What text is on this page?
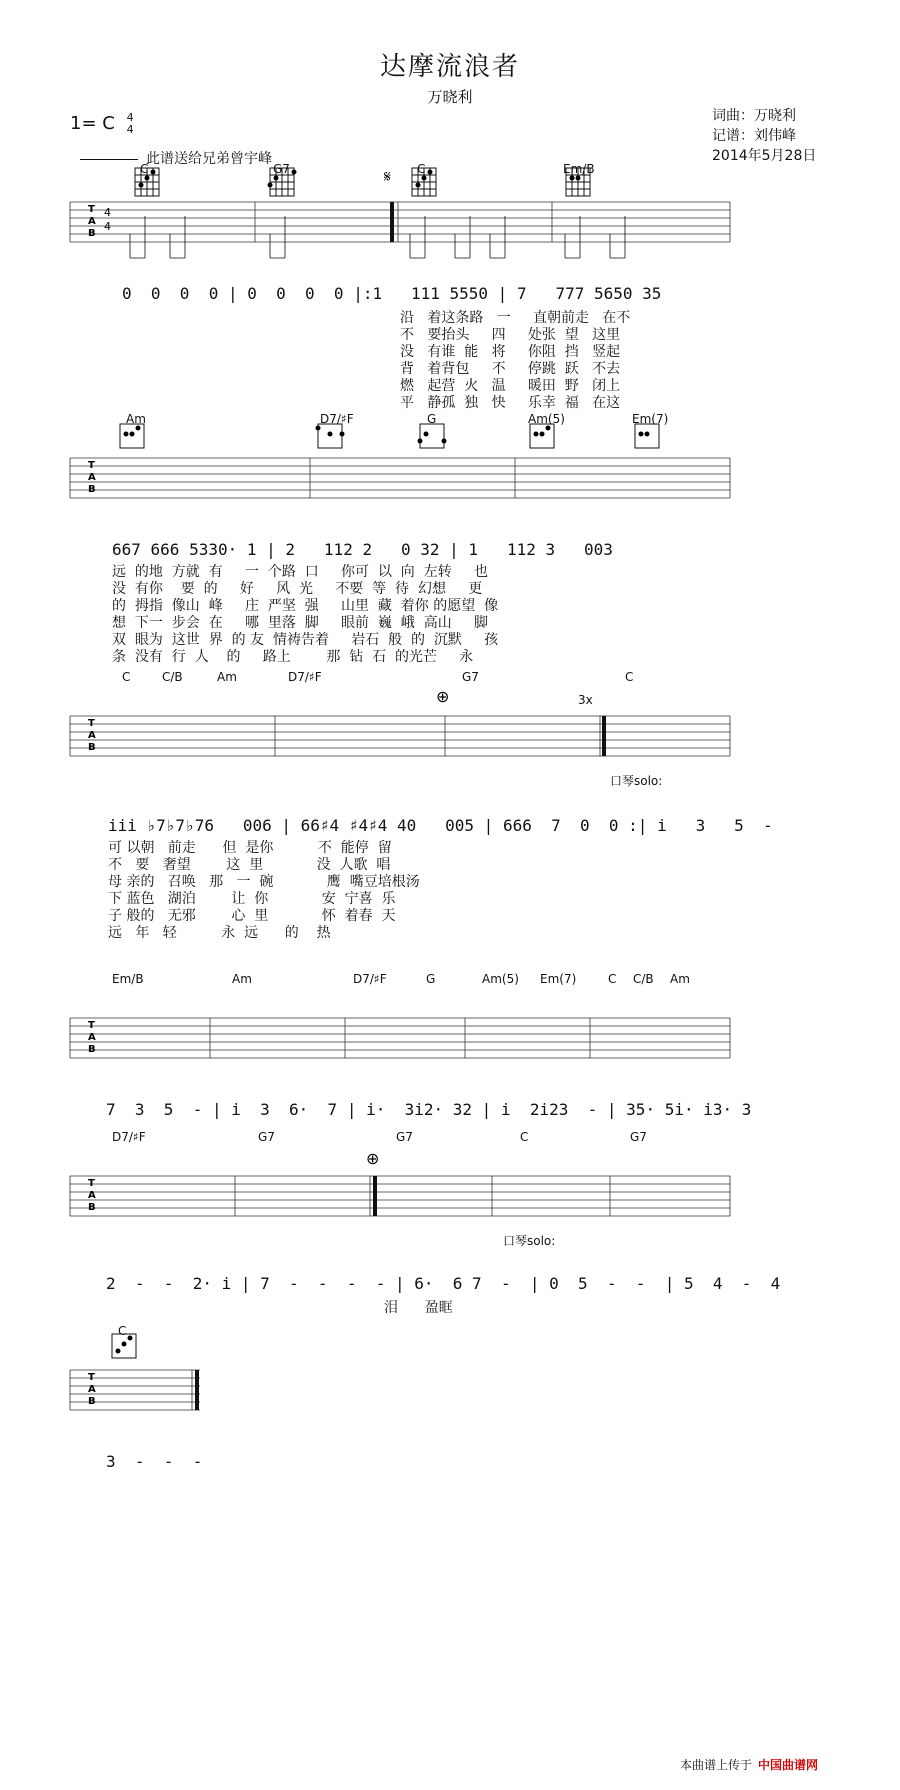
达摩流浪者
万晓利
1= C 4
4
此谱送给兄弟曾宇峰
词曲：万晓利
记谱：刘伟峰
2014年5月28日
T
A
B
4
4
𝄋
0  0  0  0 | 0  0  0  0 |:1   111 5550 | 7   777 5650 35
沿   着这条路   一     直朝前走   在不
不   要抬头     四     处张  望   这里
没   有谁  能   将     你阻  挡   竖起
背   着背包     不     停跳  跃   不去
燃   起营  火   温     暖田  野   闭上
平   静孤  独   快     乐幸  福   在这
C	G7	C	Em/B
T
A
B
Am	D7/♯F	G	Am(5)	Em(7)
667 666 5330· 1 | 2   112 2   0 32 | 1   112 3   003
远  的地  方就  有     一  个路  口     你可  以  向  左转     也
没  有你    要  的     好     风  光     不要  等  待  幻想     更
的  拇指  像山  峰     庄  严坚  强     山里  藏  着你 的愿望  像
想  下一  步会  在     哪  里落  脚     眼前  巍  峨  高山     脚
双  眼为  这世  界  的 友  情祷告着     岩石  般  的  沉默     孩
条  没有  行  人    的     路上        那  钻  石  的光芒     永
⊕
T
A
B
C	C/B	Am	D7/♯F	G7	C
3x
口琴solo:
iii ♭7♭7♭76   006 | 66♯4 ♯4♯4 40   005 | 666  7  0  0 :| i   3   5  -
可 以朝   前走      但  是你          不  能停  留
不   要   奢望        这  里            没  人歌  唱
母 亲的   召唤   那   一  碗            鹰  嘴豆培根汤
下 蓝色   湖泊        让  你            安  宁喜  乐
子 般的   无邪        心  里            怀  着春  天
远   年   轻          永  远      的    热
T
A
B
Em/B	Am	D7/♯F	G	Am(5) Em(7)	C C/B Am
7  3  5  - | i  3  6·  7 | i·  3i2· 32 | i  2i23  - | 35· 5i· i3· 3
⊕
T
A
B
D7/♯F	G7	G7	C	G7
口琴solo:
2  -  -  2· i | 7  -  -  -  - | 6·  6 7  -  | 0  5  -  -  | 5  4  -  4
泪      盈眶
T
A
B
C
3  -  -  -
本曲谱上传于 中国曲谱网
